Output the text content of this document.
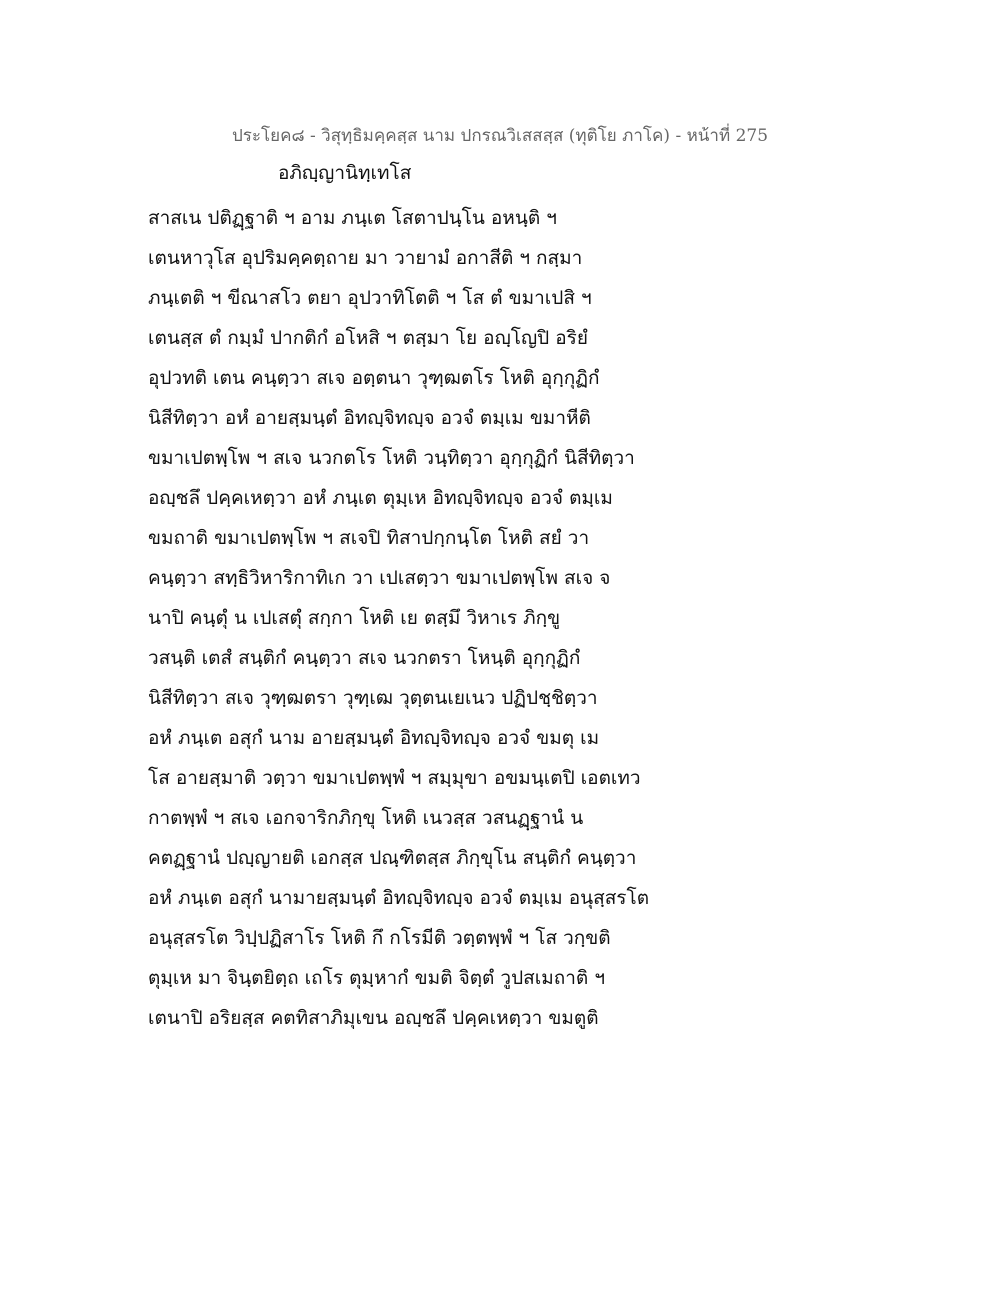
ประโยค๘ - วิสุทฺธิมคฺคสฺส นาม ปกรณวิเสสสฺส (ทุติโย ภาโค) - หน้าที่ 275
อภิญฺญานิทฺเทโส
สาสเน ปติฏฺฐาติ ฯ อาม ภนฺเต โสตาปนฺโน อหนฺติ ฯ
เตนหาวุโส อุปริมคฺคตฺถาย มา วายามํ อกาสีติ ฯ กสฺมา
ภนฺเตติ ฯ ขีณาสโว ตยา อุปวาทิโตติ ฯ โส ตํ ขมาเปสิ ฯ
เตนสฺส ตํ กมฺมํ ปากติกํ อโหสิ ฯ ตสฺมา โย อญฺโญปิ อริยํ
อุปวทติ เตน คนฺตฺวา สเจ อตฺตนา วุฑฺฒตโร โหติ อุกฺกุฏิกํ
นิสีทิตฺวา อหํ อายสฺมนฺตํ อิทญฺจิทญฺจ อวจํ ตมฺเม ขมาหีติ
ขมาเปตพฺโพ ฯ สเจ นวกตโร โหติ วนฺทิตฺวา อุกฺกุฏิกํ นิสีทิตฺวา
อญฺชลึ ปคฺคเหตฺวา อหํ ภนฺเต ตุมฺเห อิทญฺจิทญฺจ อวจํ ตมฺเม
ขมถาติ ขมาเปตพฺโพ ฯ สเจปิ ทิสาปกฺกนฺโต โหติ สยํ วา
คนฺตฺวา สทฺธิวิหาริกาทิเก วา เปเสตฺวา ขมาเปตพฺโพ สเจ จ
นาปิ คนฺตุํ น เปเสตุํ สกฺกา โหติ เย ตสฺมึ วิหาเร ภิกฺขู
วสนฺติ เตสํ สนฺติกํ คนฺตฺวา สเจ นวกตรา โหนฺติ อุกฺกุฏิกํ
นิสีทิตฺวา สเจ วุฑฺฒตรา วุฑฺเฒ วุตฺตนเยเนว ปฏิปชฺชิตฺวา
อหํ ภนฺเต อสุกํ นาม อายสฺมนฺตํ อิทญฺจิทญฺจ อวจํ ขมตุ เม
โส อายสฺมาติ วตฺวา ขมาเปตพฺพํ ฯ สมฺมุขา อขมนฺเตปิ เอตเทว
กาตพฺพํ ฯ สเจ เอกจาริกภิกฺขุ โหติ เนวสฺส วสนฏฺฐานํ น
คตฏฺฐานํ ปญฺญายติ เอกสฺส ปณฺฑิตสฺส ภิกฺขุโน สนฺติกํ คนฺตฺวา
อหํ ภนฺเต อสุกํ นามายสฺมนฺตํ อิทญฺจิทญฺจ อวจํ ตมฺเม อนุสฺสรโต
อนุสฺสรโต วิปฺปฏิสาโร โหติ กึ กโรมีติ วตฺตพฺพํ ฯ โส วกฺขติ
ตุมฺเห มา จินฺตยิตฺถ เถโร ตุมฺหากํ ขมติ จิตฺตํ วูปสเมถาติ ฯ
เตนาปิ อริยสฺส คตทิสาภิมุเขน อญฺชลึ ปคฺคเหตฺวา ขมตูติ
